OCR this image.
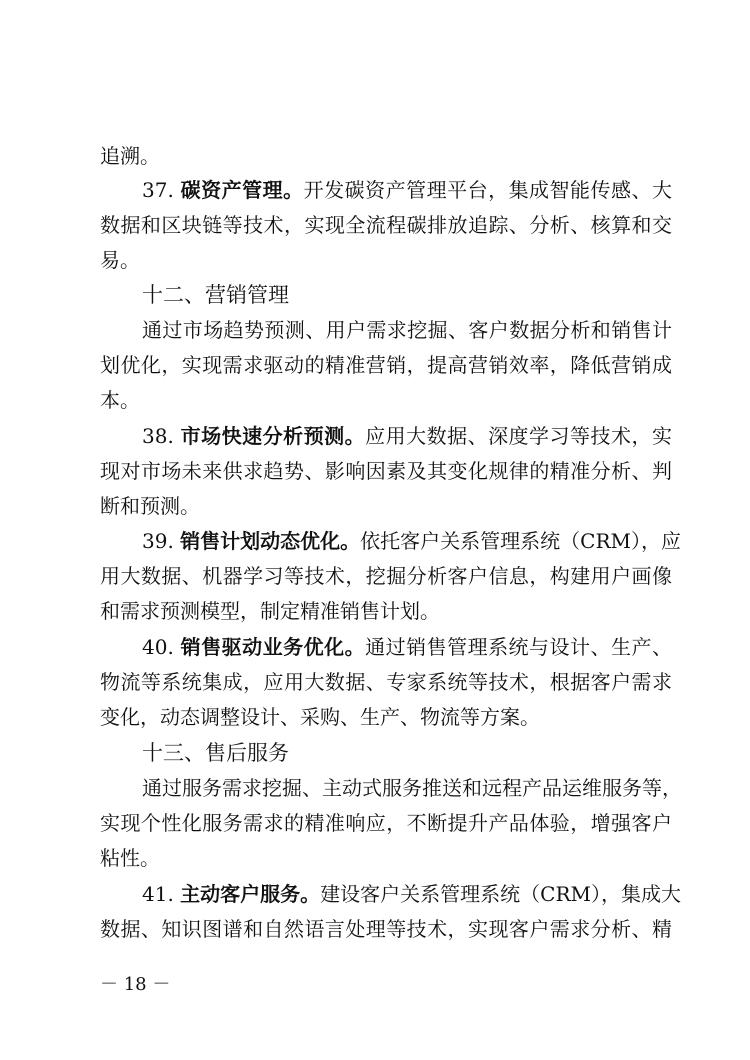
追溯。
37. 碳资产管理。开发碳资产管理平台，集成智能传感、大
数据和区块链等技术，实现全流程碳排放追踪、分析、核算和交
易。
十二、营销管理
通过市场趋势预测、用户需求挖掘、客户数据分析和销售计
划优化，实现需求驱动的精准营销，提高营销效率，降低营销成
本。
38. 市场快速分析预测。应用大数据、深度学习等技术，实
现对市场未来供求趋势、影响因素及其变化规律的精准分析、判
断和预测。
39. 销售计划动态优化。依托客户关系管理系统（CRM），应
用大数据、机器学习等技术，挖掘分析客户信息，构建用户画像
和需求预测模型，制定精准销售计划。
40. 销售驱动业务优化。通过销售管理系统与设计、生产、
物流等系统集成，应用大数据、专家系统等技术，根据客户需求
变化，动态调整设计、采购、生产、物流等方案。
十三、售后服务
通过服务需求挖掘、主动式服务推送和远程产品运维服务等，
实现个性化服务需求的精准响应，不断提升产品体验，增强客户
粘性。
41. 主动客户服务。建设客户关系管理系统（CRM），集成大
数据、知识图谱和自然语言处理等技术，实现客户需求分析、精
－ 18 －
